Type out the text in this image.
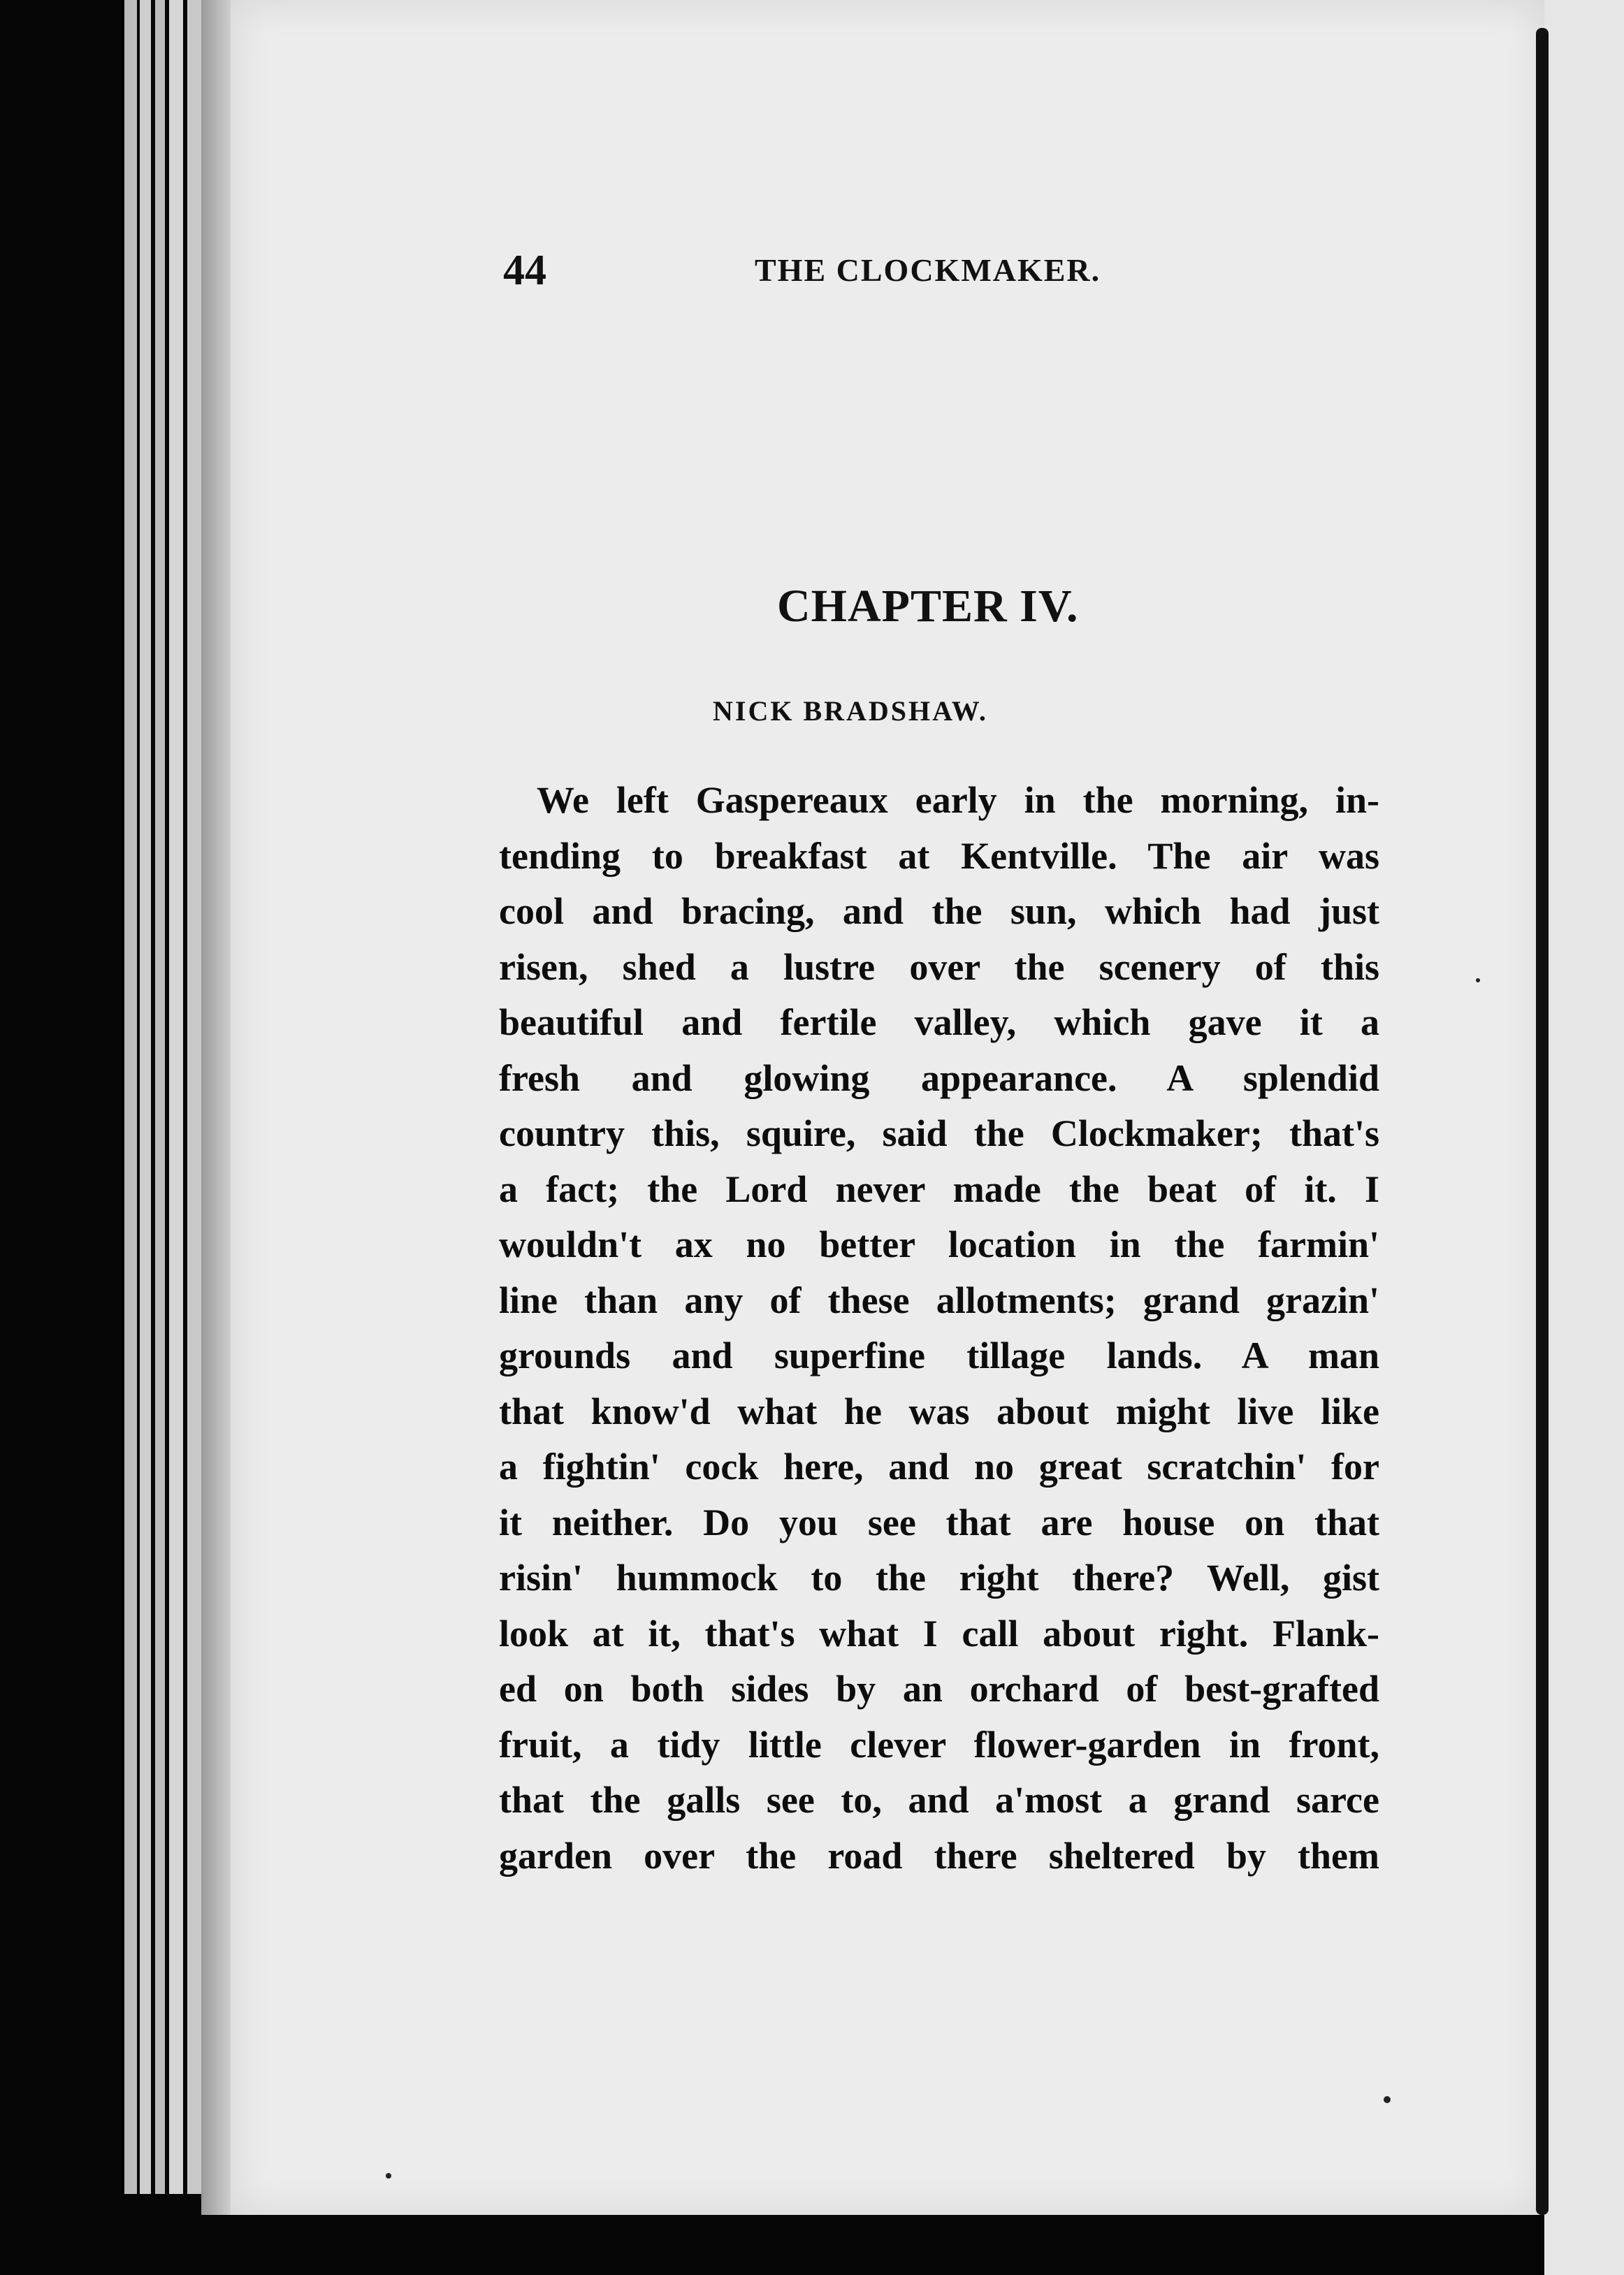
44	THE CLOCKMAKER.
CHAPTER IV.
NICK BRADSHAW.
We left Gaspereaux early in the morning, in-
tending to breakfast at Kentville. The air was
cool and bracing, and the sun, which had just
risen, shed a lustre over the scenery of this
beautiful and fertile valley, which gave it a
fresh and glowing appearance. A splendid
country this, squire, said the Clockmaker; that's
a fact; the Lord never made the beat of it. I
wouldn't ax no better location in the farmin'
line than any of these allotments; grand grazin'
grounds and superfine tillage lands. A man
that know'd what he was about might live like
a fightin' cock here, and no great scratchin' for
it neither. Do you see that are house on that
risin' hummock to the right there? Well, gist
look at it, that's what I call about right. Flank-
ed on both sides by an orchard of best-grafted
fruit, a tidy little clever flower-garden in front,
that the galls see to, and a'most a grand sarce
garden over the road there sheltered by them
